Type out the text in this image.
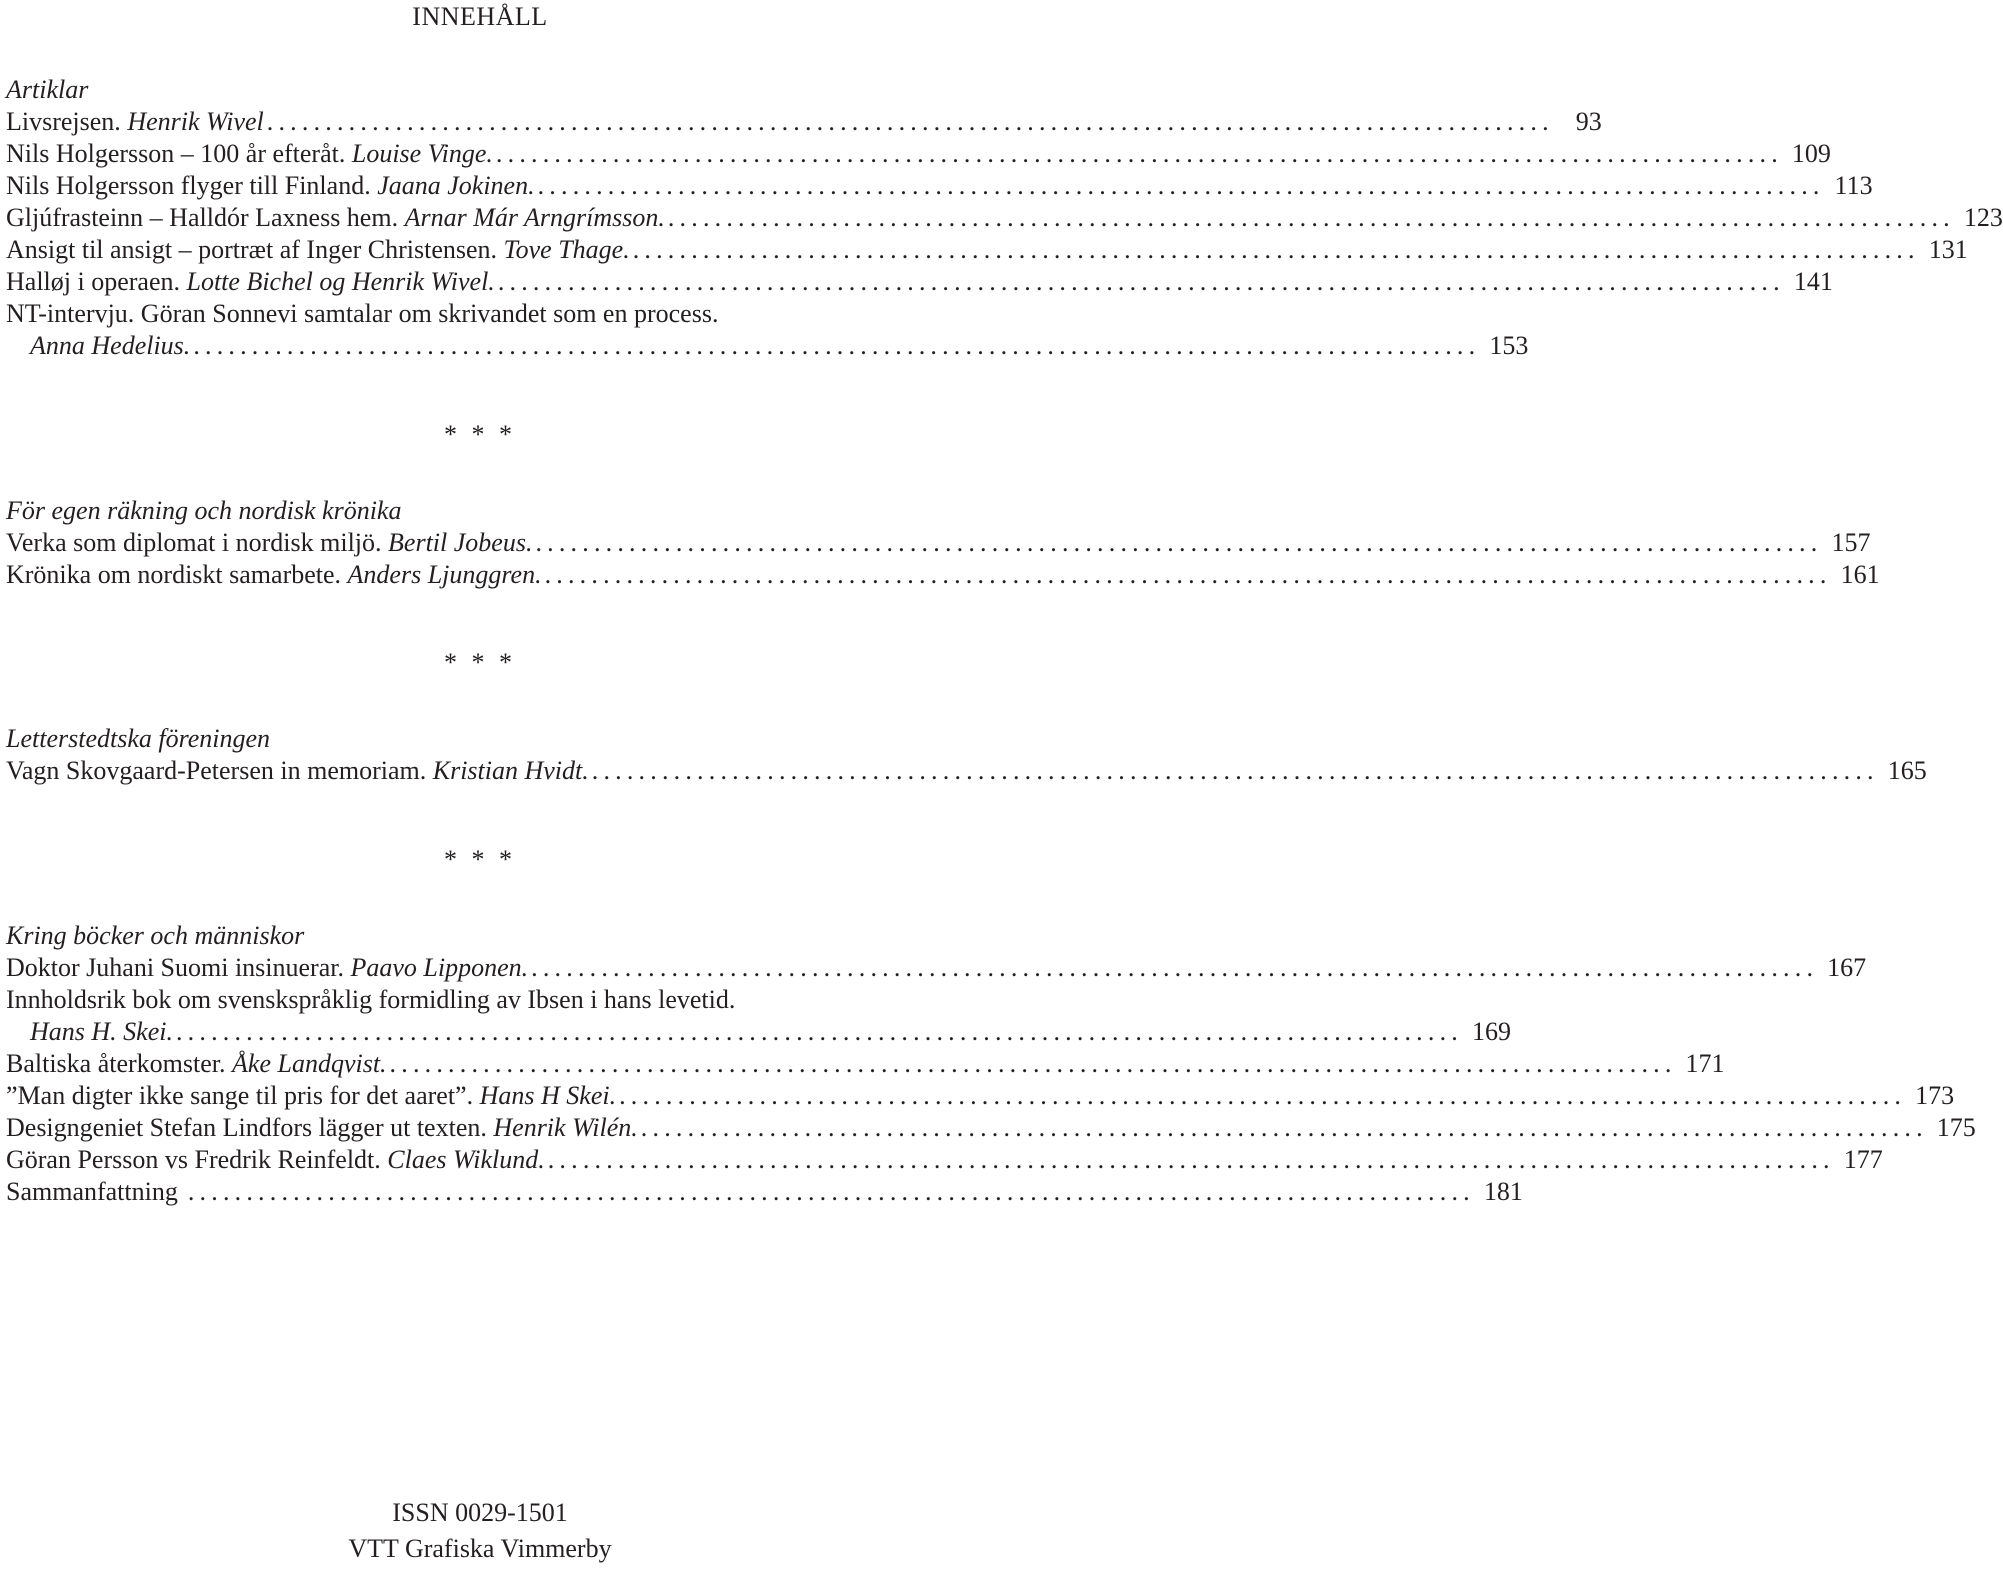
INNEHÅLL
Artiklar
Livsrejsen. Henrik Wivel .............................................................................................................. 93
Nils Holgersson – 100 år efteråt. Louise Vinge. .............................................................................................................. 109
Nils Holgersson flyger till Finland. Jaana Jokinen. .............................................................................................................. 113
Gljúfrasteinn – Halldór Laxness hem. Arnar Már Arngrímsson. .............................................................................................................. 123
Ansigt til ansigt – portræt af Inger Christensen. Tove Thage. .............................................................................................................. 131
Halløj i operaen. Lotte Bichel og Henrik Wivel. .............................................................................................................. 141
NT-intervju. Göran Sonnevi samtalar om skrivandet som en process.
Anna Hedelius. .............................................................................................................. 153
* * *
För egen räkning och nordisk krönika
Verka som diplomat i nordisk miljö. Bertil Jobeus. .............................................................................................................. 157
Krönika om nordiskt samarbete. Anders Ljunggren. .............................................................................................................. 161
* * *
Letterstedtska föreningen
Vagn Skovgaard-Petersen in memoriam. Kristian Hvidt. .............................................................................................................. 165
* * *
Kring böcker och människor
Doktor Juhani Suomi insinuerar. Paavo Lipponen. .............................................................................................................. 167
Innholdsrik bok om svenskspråklig formidling av Ibsen i hans levetid.
Hans H. Skei. .............................................................................................................. 169
Baltiska återkomster. Åke Landqvist. .............................................................................................................. 171
”Man digter ikke sange til pris for det aaret”. Hans H Skei. .............................................................................................................. 173
Designgeniet Stefan Lindfors lägger ut texten. Henrik Wilén. .............................................................................................................. 175
Göran Persson vs Fredrik Reinfeldt. Claes Wiklund. .............................................................................................................. 177
Sammanfattning .............................................................................................................. 181
ISSN 0029-1501
VTT Grafiska Vimmerby
